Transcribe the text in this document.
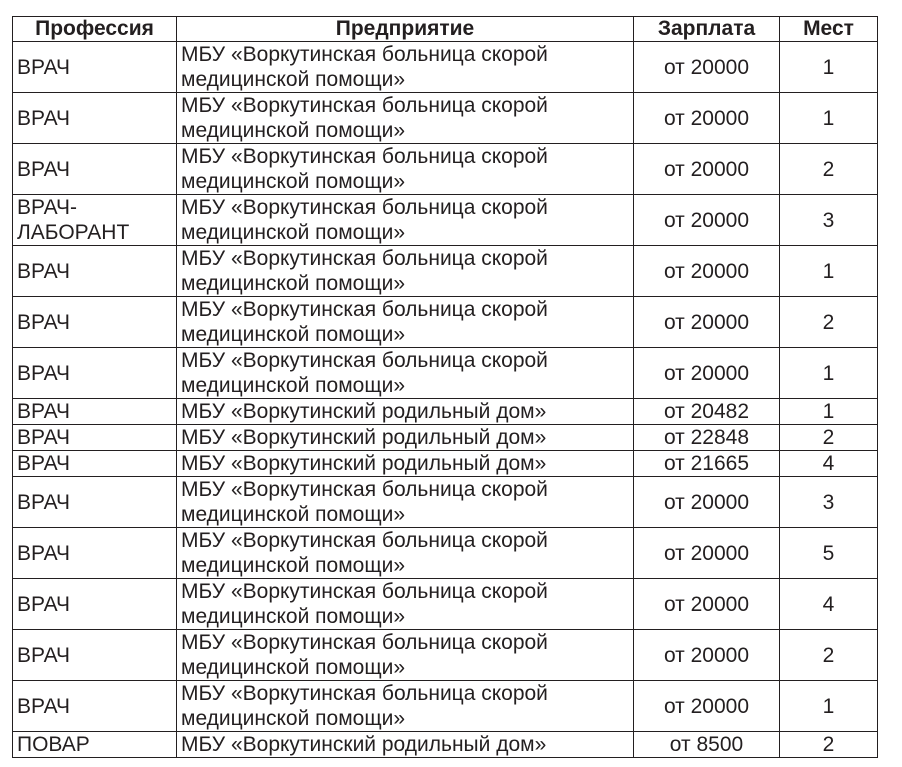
Профессия	Предприятие	Зарплата	Мест
ВРАЧ	МБУ «Воркутинская больница скорой медицинской помощи»	от 20000	1
ВРАЧ	МБУ «Воркутинская больница скорой медицинской помощи»	от 20000	1
ВРАЧ	МБУ «Воркутинская больница скорой медицинской помощи»	от 20000	2
ВРАЧ-ЛАБОРАНТ	МБУ «Воркутинская больница скорой медицинской помощи»	от 20000	3
ВРАЧ	МБУ «Воркутинская больница скорой медицинской помощи»	от 20000	1
ВРАЧ	МБУ «Воркутинская больница скорой медицинской помощи»	от 20000	2
ВРАЧ	МБУ «Воркутинская больница скорой медицинской помощи»	от 20000	1
ВРАЧ	МБУ «Воркутинский родильный дом»	от 20482	1
ВРАЧ	МБУ «Воркутинский родильный дом»	от 22848	2
ВРАЧ	МБУ «Воркутинский родильный дом»	от 21665	4
ВРАЧ	МБУ «Воркутинская больница скорой медицинской помощи»	от 20000	3
ВРАЧ	МБУ «Воркутинская больница скорой медицинской помощи»	от 20000	5
ВРАЧ	МБУ «Воркутинская больница скорой медицинской помощи»	от 20000	4
ВРАЧ	МБУ «Воркутинская больница скорой медицинской помощи»	от 20000	2
ВРАЧ	МБУ «Воркутинская больница скорой медицинской помощи»	от 20000	1
ПОВАР	МБУ «Воркутинский родильный дом»	от 8500	2
